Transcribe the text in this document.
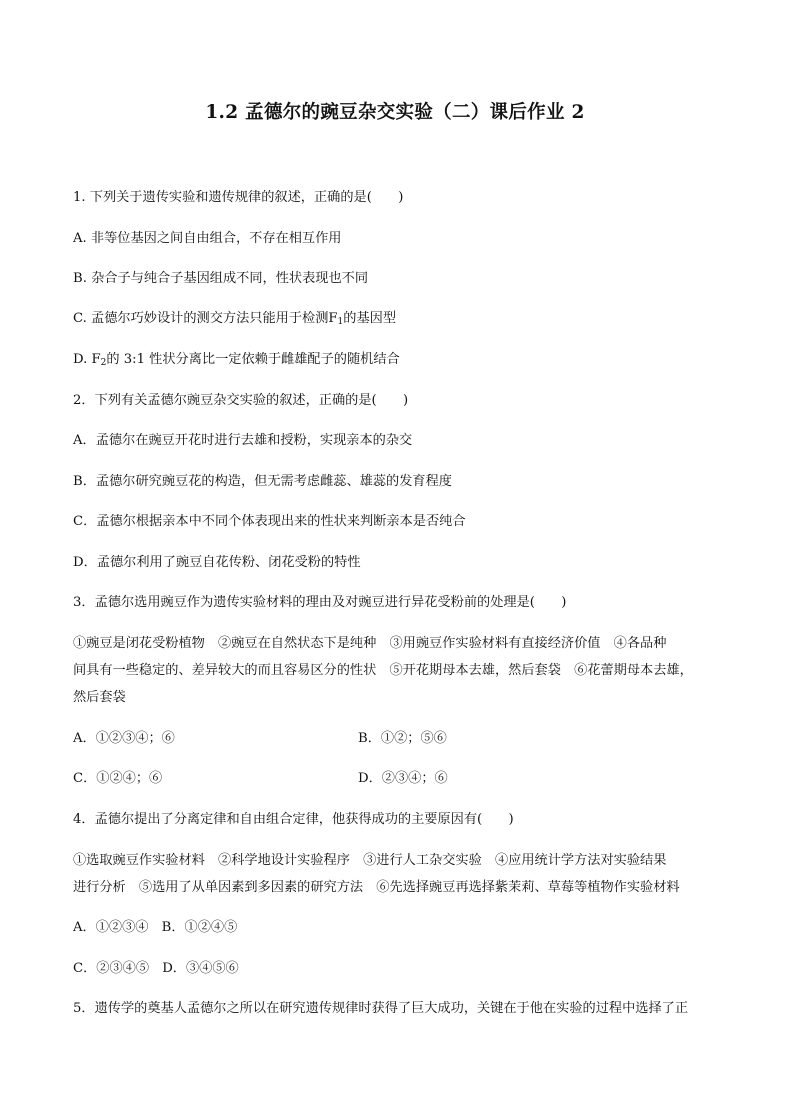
1.2 孟德尔的豌豆杂交实验（二）课后作业 2
1. 下列关于遗传实验和遗传规律的叙述，正确的是(　　)
A. 非等位基因之间自由组合，不存在相互作用
B. 杂合子与纯合子基因组成不同，性状表现也不同
C. 孟德尔巧妙设计的测交方法只能用于检测$F_1$的基因型
D. $F_2$的 3:1 性状分离比一定依赖于雌雄配子的随机结合
2．下列有关孟德尔豌豆杂交实验的叙述，正确的是(　　)
A．孟德尔在豌豆开花时进行去雄和授粉，实现亲本的杂交
B．孟德尔研究豌豆花的构造，但无需考虑雌蕊、雄蕊的发育程度
C．孟德尔根据亲本中不同个体表现出来的性状来判断亲本是否纯合
D．孟德尔利用了豌豆自花传粉、闭花受粉的特性
3．孟德尔选用豌豆作为遗传实验材料的理由及对豌豆进行异花受粉前的处理是(　　)
①豌豆是闭花受粉植物　②豌豆在自然状态下是纯种　③用豌豆作实验材料有直接经济价值　④各品种
间具有一些稳定的、差异较大的而且容易区分的性状　⑤开花期母本去雄，然后套袋　⑥花蕾期母本去雄，
然后套袋
A．①②③④；⑥	B．①②；⑤⑥
C．①②④；⑥	D．②③④；⑥
4．孟德尔提出了分离定律和自由组合定律，他获得成功的主要原因有(　　)
①选取豌豆作实验材料　②科学地设计实验程序　③进行人工杂交实验　④应用统计学方法对实验结果
进行分析　⑤选用了从单因素到多因素的研究方法　⑥先选择豌豆再选择紫茉莉、草莓等植物作实验材料
A．①②③④　B．①②④⑤
C．②③④⑤　D．③④⑤⑥
5．遗传学的奠基人孟德尔之所以在研究遗传规律时获得了巨大成功，关键在于他在实验的过程中选择了正
